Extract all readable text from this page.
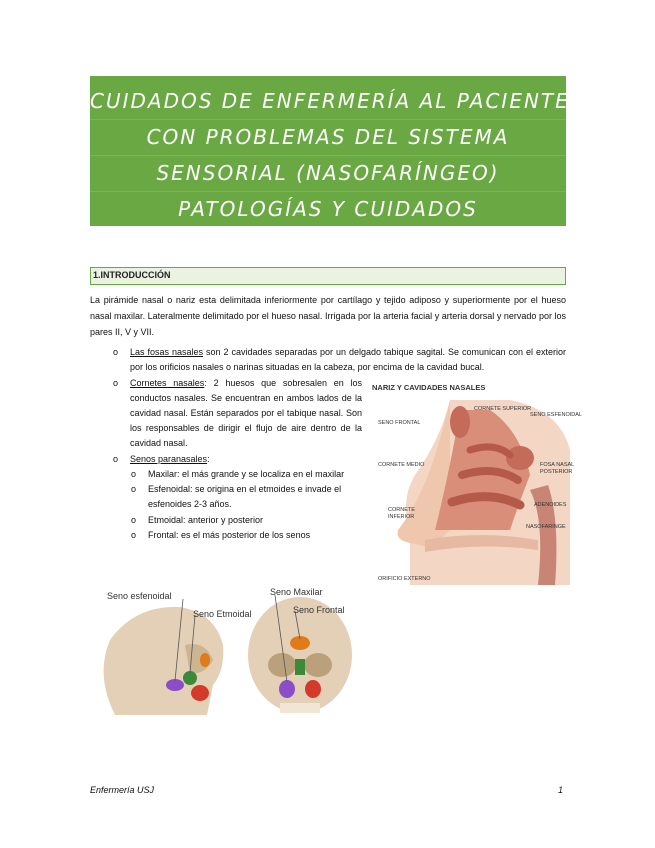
CUIDADOS DE ENFERMERÍA AL PACIENTE
CON PROBLEMAS DEL SISTEMA
SENSORIAL (NASOFARÍNGEO)
PATOLOGÍAS Y CUIDADOS
1.INTRODUCCIÓN

La pirámide nasal o nariz esta delimitada inferiormente por cartílago y tejido adiposo y superiormente por el hueso nasal maxilar. Lateralmente delimitado por el hueso nasal. Irrigada por la arteria facial y arteria dorsal y nervado por los pares II, V y VII.

o Las fosas nasales son 2 cavidades separadas por un delgado tabique sagital. Se comunican con el exterior por los orificios nasales o narinas situadas en la cabeza, por encima de la cavidad bucal.
o Cornetes nasales: 2 huesos que sobresalen en los conductos nasales. Se encuentran en ambos lados de la cavidad nasal. Están separados por el tabique nasal. Son los responsables de dirigir el flujo de aire dentro de la cavidad nasal.
o Senos paranasales:
o Maxilar: el más grande y se localiza en el maxilar
o Esfenoidal: se origina en el etmoides e invade el esfenoides 2-3 años.
o Etmoidal: anterior y posterior
o Frontal: es el más posterior de los senos
NARIZ Y CAVIDADES NASALES
SENO FRONTAL
CORNETE SUPERIOR
SENO ESFENOIDAL
CORNETE MEDIO	FOSA NASAL
POSTERIOR
ADENOIDES
CORNETE
INFERIOR
NASOFARINGE
ORIFICIO EXTERNO
Seno esfenoidal
Seno Etmoidal
Seno Maxilar
Seno Frontal
Enfermería USJ	1
